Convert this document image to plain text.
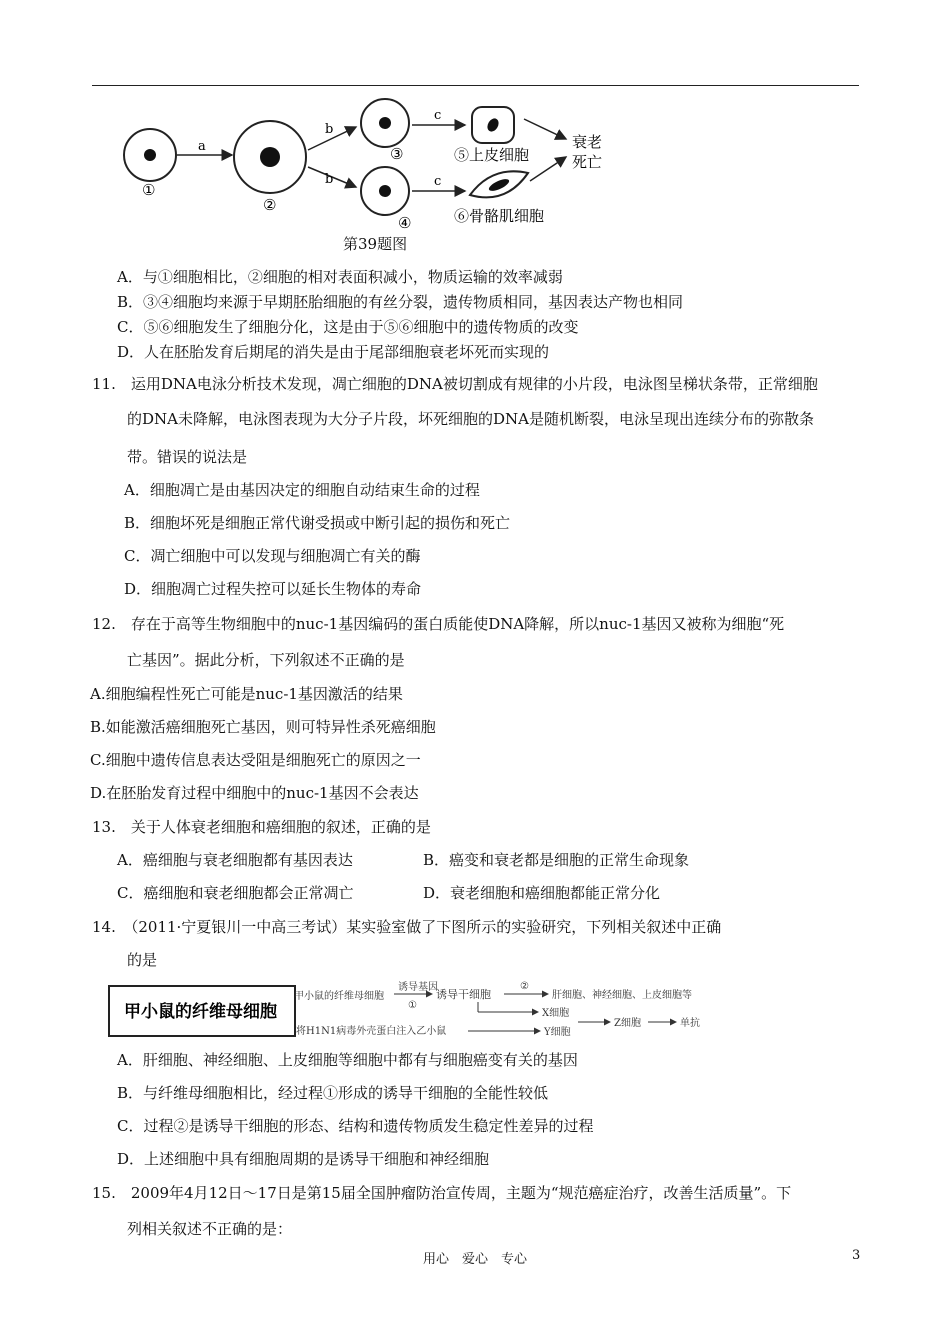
①
a
②
b
b
③
④
c
c
⑤上皮细胞
⑥骨骼肌细胞
衰老
死亡
第39题图
A．与①细胞相比，②细胞的相对表面积减小，物质运输的效率减弱
B．③④细胞均来源于早期胚胎细胞的有丝分裂，遗传物质相同，基因表达产物也相同
C．⑤⑥细胞发生了细胞分化，这是由于⑤⑥细胞中的遗传物质的改变
D．人在胚胎发育后期尾的消失是由于尾部细胞衰老坏死而实现的
11.　运用DNA电泳分析技术发现，凋亡细胞的DNA被切割成有规律的小片段，电泳图呈梯状条带，正常细胞
的DNA未降解，电泳图表现为大分子片段，坏死细胞的DNA是随机断裂，电泳呈现出连续分布的弥散条
带。错误的说法是
A．细胞凋亡是由基因决定的细胞自动结束生命的过程
B．细胞坏死是细胞正常代谢受损或中断引起的损伤和死亡
C．凋亡细胞中可以发现与细胞凋亡有关的酶
D．细胞凋亡过程失控可以延长生物体的寿命
12.　存在于高等生物细胞中的nuc-1基因编码的蛋白质能使DNA降解，所以nuc-1基因又被称为细胞“死
亡基因”。据此分析，下列叙述不正确的是
A.细胞编程性死亡可能是nuc-1基因激活的结果
B.如能激活癌细胞死亡基因，则可特异性杀死癌细胞
C.细胞中遗传信息表达受阻是细胞死亡的原因之一
D.在胚胎发育过程中细胞中的nuc-1基因不会表达
13.　关于人体衰老细胞和癌细胞的叙述，正确的是
A．癌细胞与衰老细胞都有基因表达	B．癌变和衰老都是细胞的正常生命现象
C．癌细胞和衰老细胞都会正常凋亡	D．衰老细胞和癌细胞都能正常分化
14.　（2011·宁夏银川一中高三考试）某实验室做了下图所示的实验研究，下列相关叙述中正确
的是
甲小鼠的纤维母细胞
甲小鼠的纤维母细胞
诱导基因
①
诱导干细胞
②
肝细胞、神经细胞、上皮细胞等
X细胞
将H1N1病毒外壳蛋白注入乙小鼠	Y细胞
Z细胞	单抗
A．肝细胞、神经细胞、上皮细胞等细胞中都有与细胞癌变有关的基因
B．与纤维母细胞相比，经过程①形成的诱导干细胞的全能性较低
C．过程②是诱导干细胞的形态、结构和遗传物质发生稳定性差异的过程
D．上述细胞中具有细胞周期的是诱导干细胞和神经细胞
15.　2009年4月12日～17日是第15届全国肿瘤防治宣传周，主题为“规范癌症治疗，改善生活质量”。下
列相关叙述不正确的是：
用心　爱心　专心	3
